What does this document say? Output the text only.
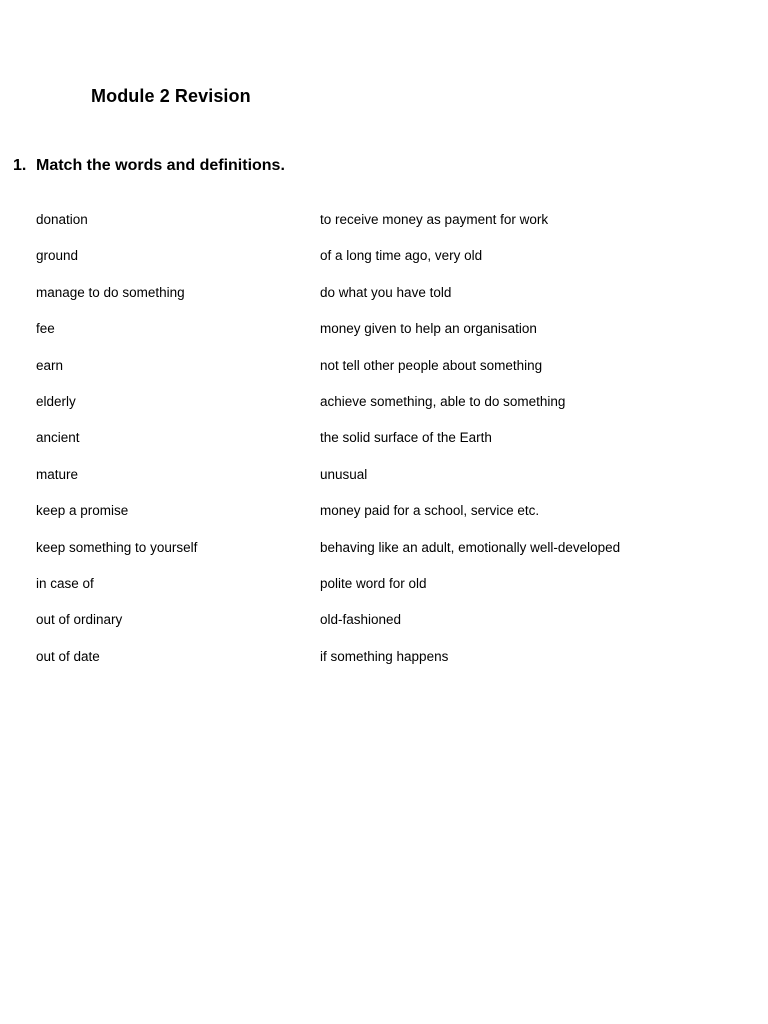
Module 2 Revision
1. Match the words and definitions.
donation	to receive money as payment for work
ground	of a long time ago, very old
manage to do something	do what you have told
fee	money given to help an organisation
earn	not tell other people about something
elderly	achieve something, able to do something
ancient	the solid surface of the Earth
mature	unusual
keep a promise	money paid for a school, service etc.
keep something to yourself	behaving like an adult, emotionally well-developed
in case of	polite word for old
out of ordinary	old-fashioned
out of date	if something happens
